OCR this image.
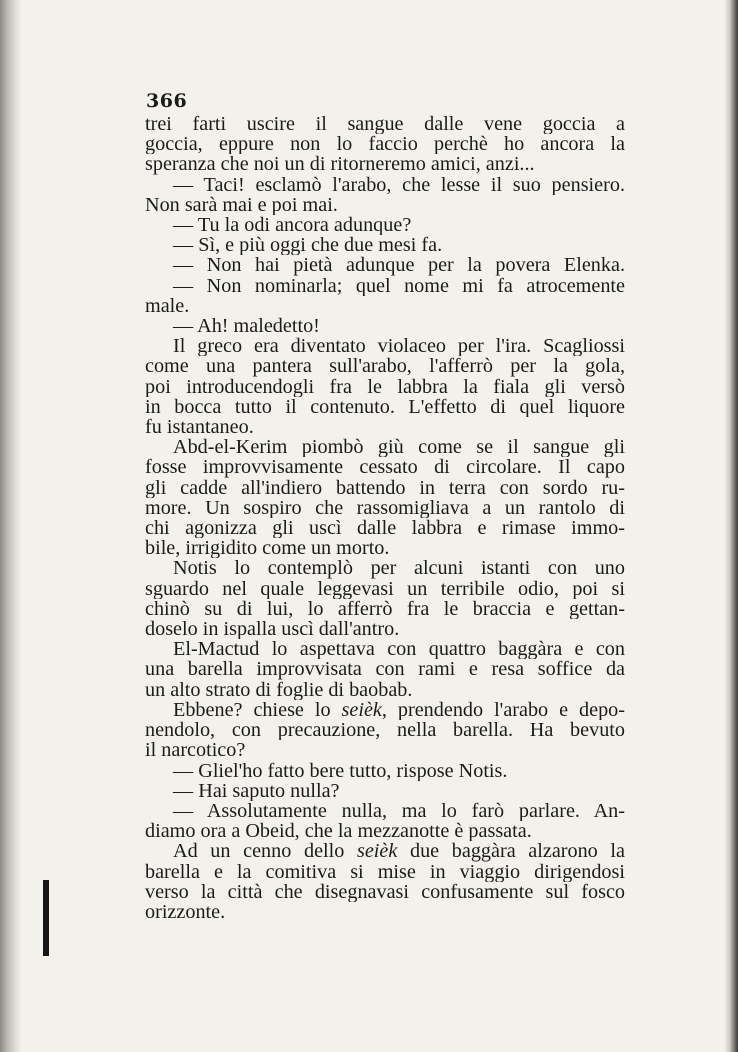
366
trei farti uscire il sangue dalle vene goccia a
goccia, eppure non lo faccio perchè ho ancora la
speranza che noi un di ritorneremo amici, anzi...
— Taci! esclamò l'arabo, che lesse il suo pensiero.
Non sarà mai e poi mai.
— Tu la odi ancora adunque?
— Sì, e più oggi che due mesi fa.
— Non hai pietà adunque per la povera Elenka.
— Non nominarla; quel nome mi fa atrocemente
male.
— Ah! maledetto!
Il greco era diventato violaceo per l'ira. Scagliossi
come una pantera sull'arabo, l'afferrò per la gola,
poi introducendogli fra le labbra la fiala gli versò
in bocca tutto il contenuto. L'effetto di quel liquore
fu istantaneo.
Abd-el-Kerim piombò giù come se il sangue gli
fosse improvvisamente cessato di circolare. Il capo
gli cadde all'indiero battendo in terra con sordo ru-
more. Un sospiro che rassomigliava a un rantolo di
chi agonizza gli uscì dalle labbra e rimase immo-
bile, irrigidito come un morto.
Notis lo contemplò per alcuni istanti con uno
sguardo nel quale leggevasi un terribile odio, poi si
chinò su di lui, lo afferrò fra le braccia e gettan-
doselo in ispalla uscì dall'antro.
El-Mactud lo aspettava con quattro baggàra e con
una barella improvvisata con rami e resa soffice da
un alto strato di foglie di baobab.
Ebbene? chiese lo seièk, prendendo l'arabo e depo-
nendolo, con precauzione, nella barella. Ha bevuto
il narcotico?
— Gliel'ho fatto bere tutto, rispose Notis.
— Hai saputo nulla?
— Assolutamente nulla, ma lo farò parlare. An-
diamo ora a Obeid, che la mezzanotte è passata.
Ad un cenno dello seièk due baggàra alzarono la
barella e la comitiva si mise in viaggio dirigendosi
verso la città che disegnavasi confusamente sul fosco
orizzonte.
